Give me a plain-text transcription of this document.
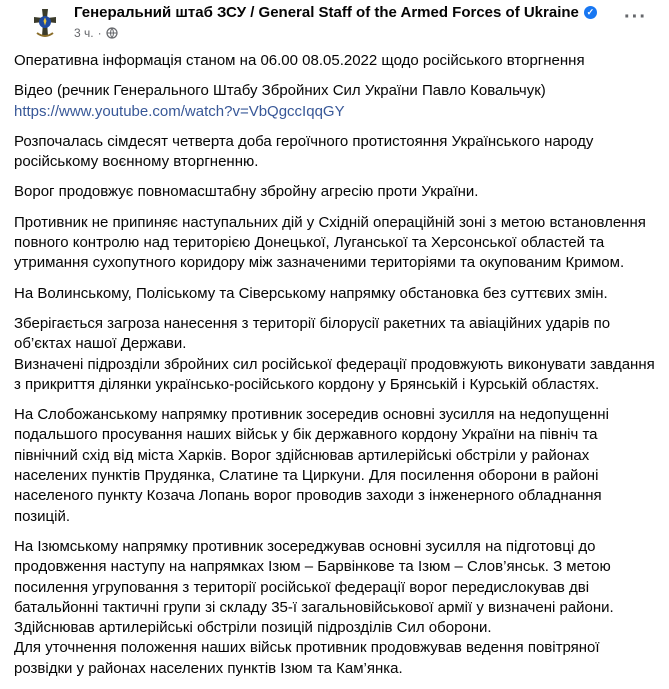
Генеральний штаб ЗСУ / General Staff of the Armed Forces of Ukraine ✓
3 ч. ·
···

Оперативна інформація станом на 06.00 08.05.2022 щодо російського вторгнення

Відео (речник Генерального Штабу Збройних Сил України Павло Ковальчук)
https://www.youtube.com/watch?v=VbQgccIqqGY

Розпочалась сімдесят четверта доба героїчного протистояння Українського народу російському воєнному вторгненню.

Ворог продовжує повномасштабну збройну агресію проти України.

Противник не припиняє наступальних дій у Східній операційній зоні з метою встановлення повного контролю над територією Донецької, Луганської та Херсонської областей та утримання сухопутного коридору між зазначеними територіями та окупованим Кримом.

На Волинському, Поліському та Сіверському напрямку обстановка без суттєвих змін.

Зберігається загроза нанесення з території білорусії ракетних та авіаційних ударів по об’єктах нашої Держави.
Визначені підрозділи збройних сил російської федерації продовжують виконувати завдання з прикриття ділянки українсько-російського кордону у Брянській і Курській областях.

На Слобожанському напрямку противник зосередив основні зусилля на недопущенні подальшого просування наших військ у бік державного кордону України на північ та північний схід від міста Харків. Ворог здійснював артилерійські обстріли у районах населених пунктів Прудянка, Слатине та Циркуни. Для посилення оборони в районі населеного пункту Козача Лопань ворог проводив заходи з інженерного обладнання позицій.

На Ізюмському напрямку противник зосереджував основні зусилля на підготовці до продовження наступу на напрямках Ізюм – Барвінкове та Ізюм – Слов’янськ. З метою посилення угруповання з території російської федерації ворог передислокував дві батальйонні тактичні групи зі складу 35-ї загальновійськової армії у визначені райони.
Здійснював артилерійські обстріли позицій підрозділів Сил оборони.
Для уточнення положення наших військ противник продовжував ведення повітряної розвідки у районах населених пунктів Ізюм та Кам’янка.
